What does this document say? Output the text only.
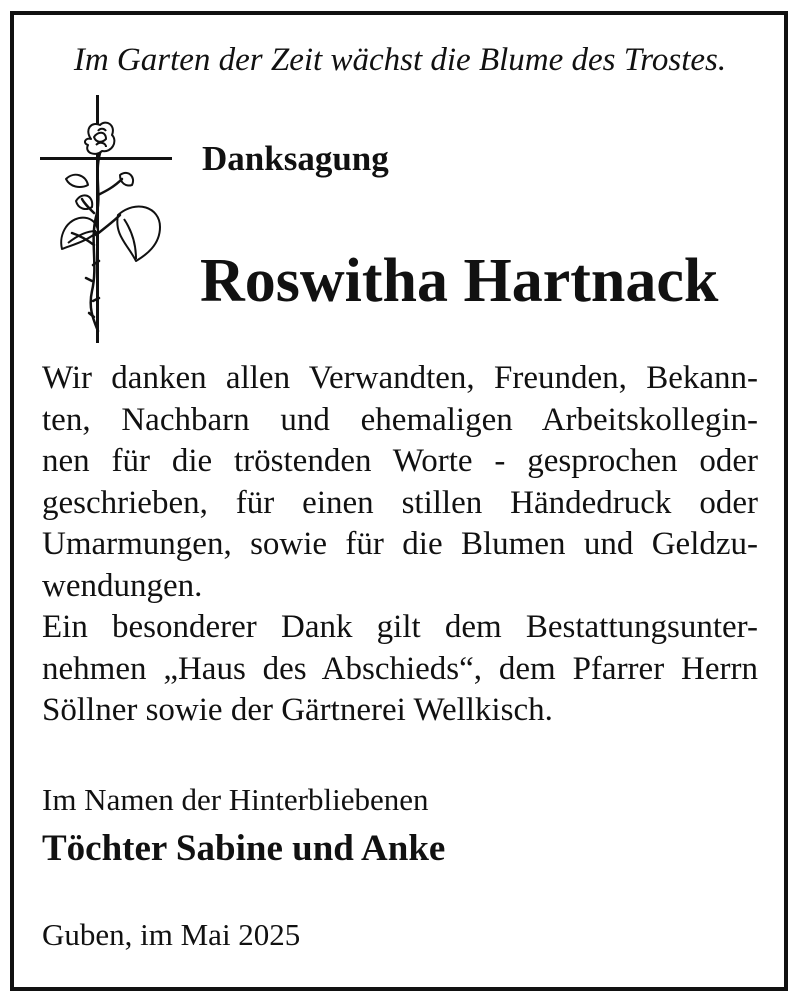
Im Garten der Zeit wächst die Blume des Trostes.
Danksagung
Roswitha Hartnack
Wir danken allen Verwandten, Freunden, Bekann-
ten, Nachbarn und ehemaligen Arbeitskollegin-
nen für die tröstenden Worte - gesprochen oder
geschrieben, für einen stillen Händedruck oder
Umarmungen, sowie für die Blumen und Geldzu-
wendungen.
Ein besonderer Dank gilt dem Bestattungsunter-
nehmen „Haus des Abschieds“, dem Pfarrer Herrn
Söllner sowie der Gärtnerei Wellkisch.
Im Namen der Hinterbliebenen
Töchter Sabine und Anke
Guben, im Mai 2025
